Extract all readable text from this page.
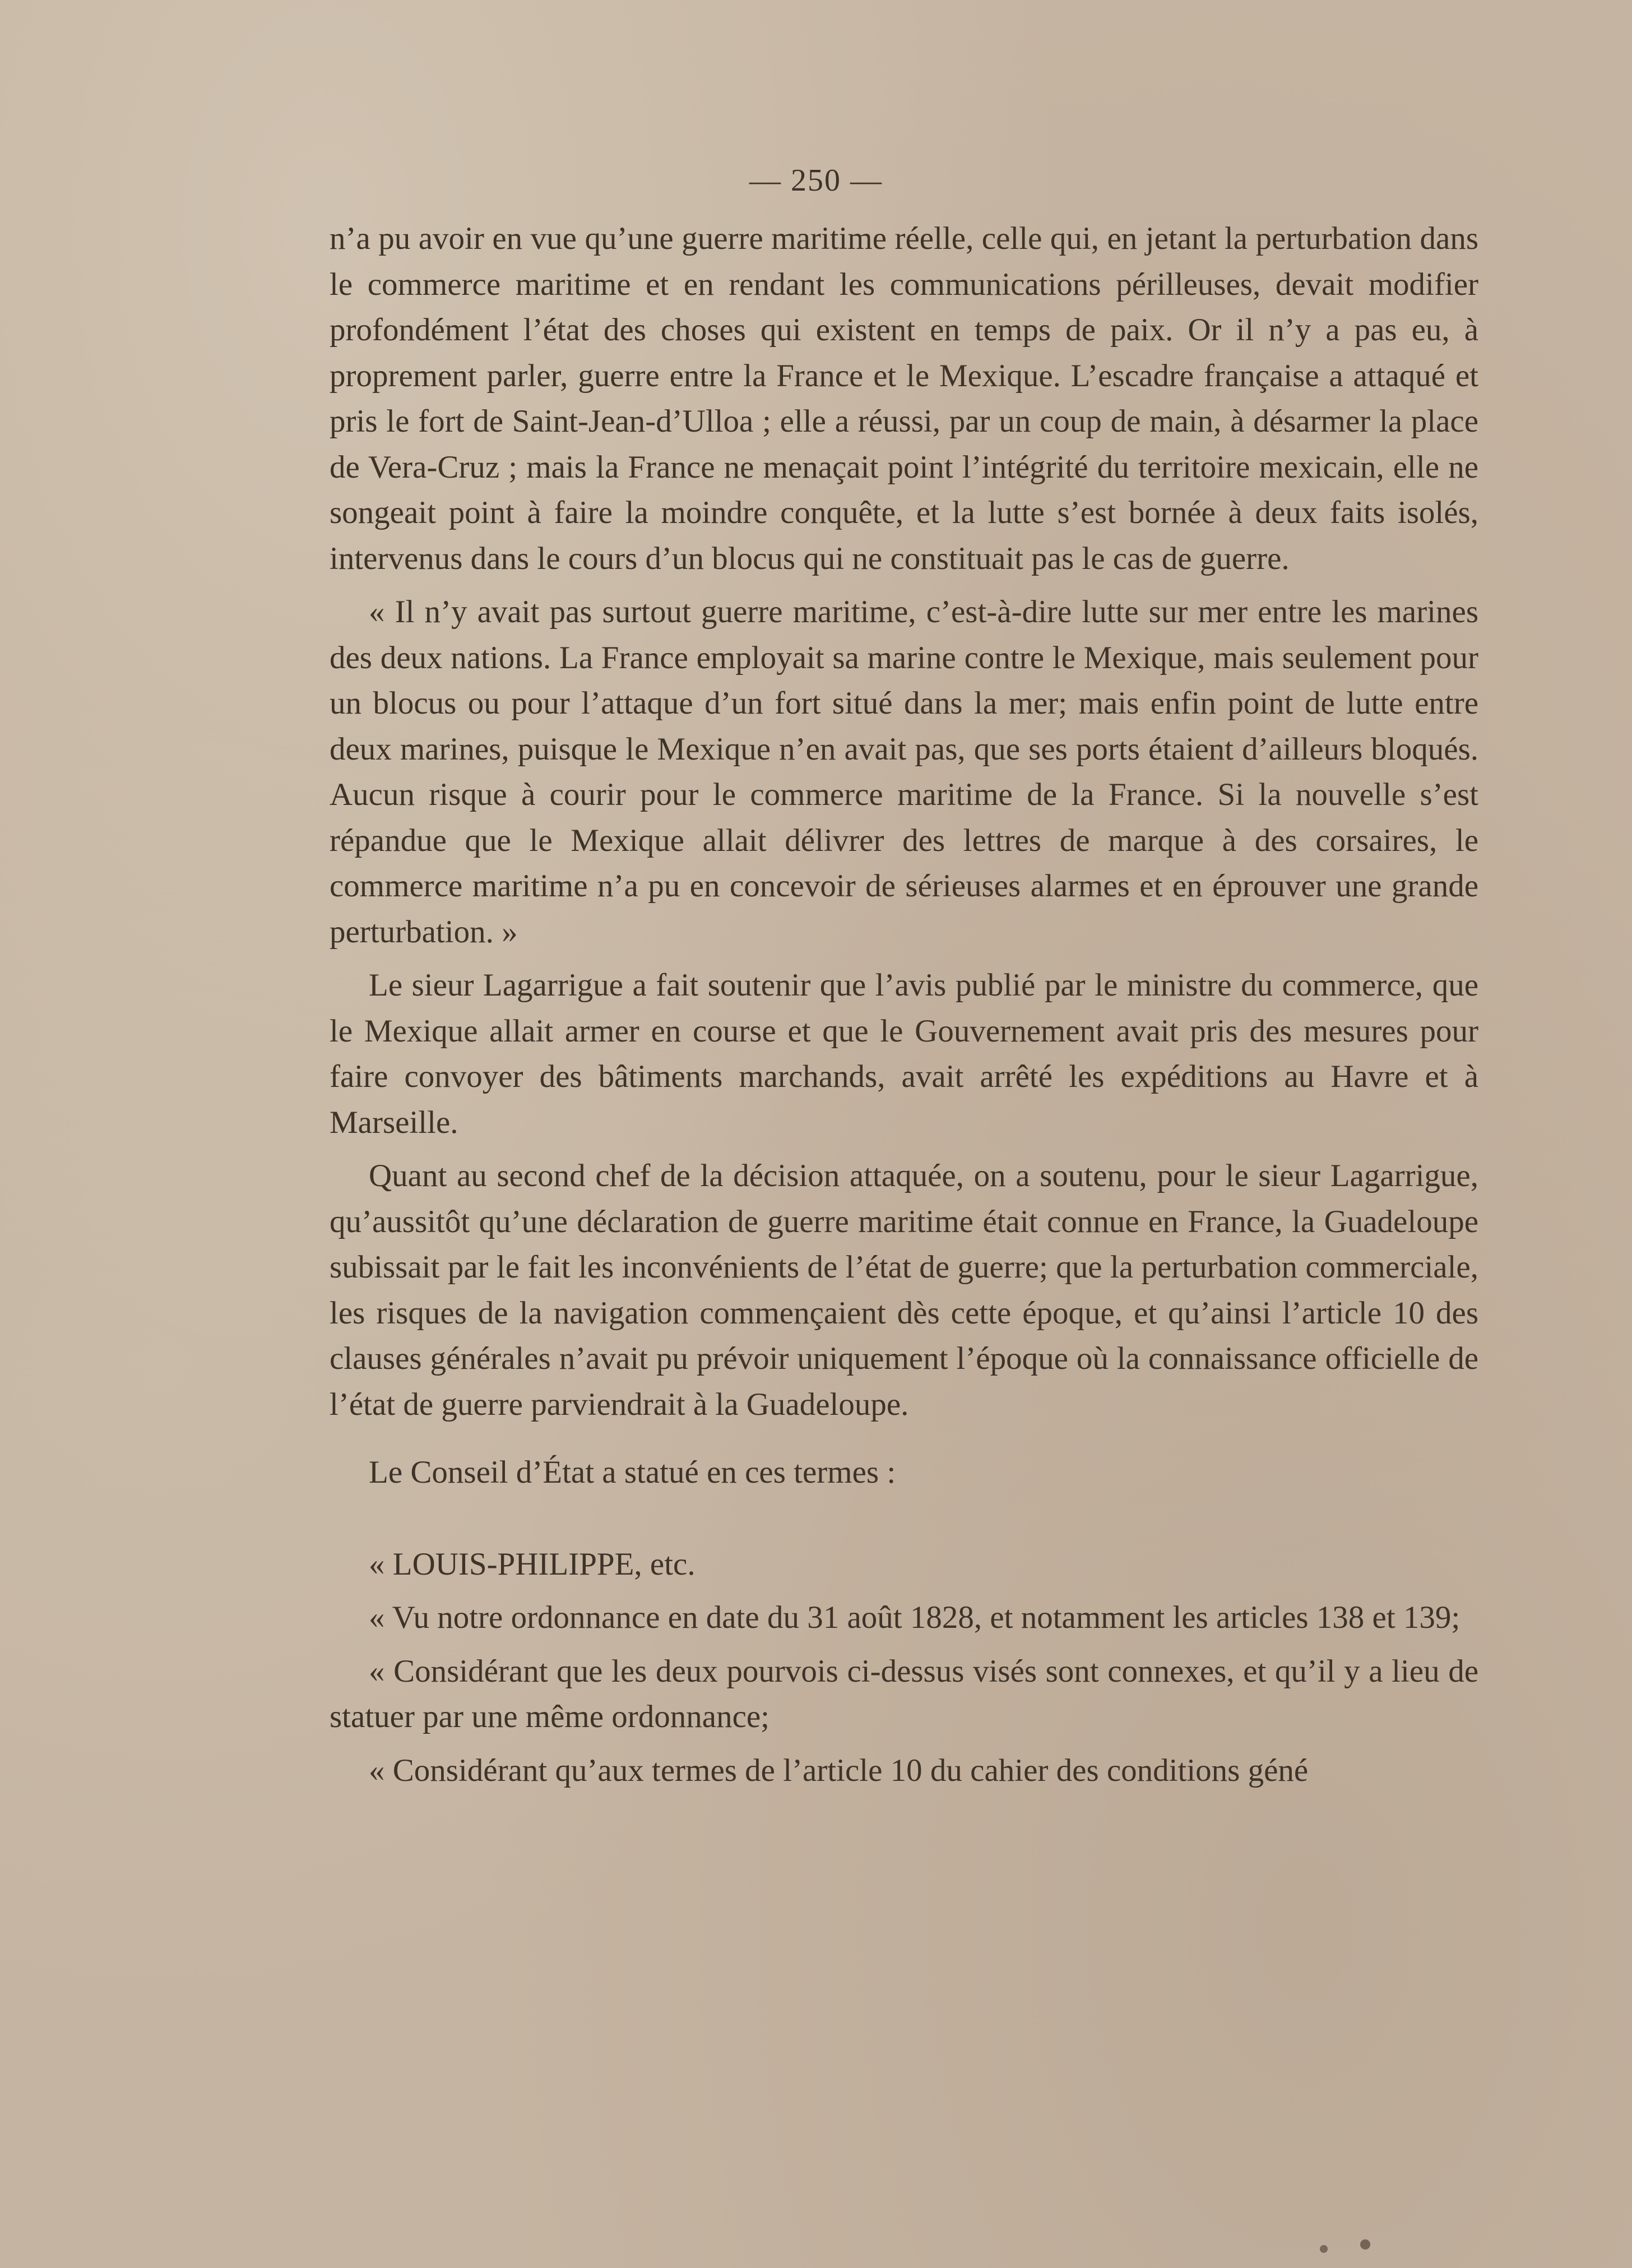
— 250 —

n’a pu avoir en vue qu’une guerre maritime réelle, celle qui, en jetant la perturbation dans le commerce maritime et en rendant les communications périlleuses, devait modifier profondément l’état des choses qui existent en temps de paix. Or il n’y a pas eu, à proprement parler, guerre entre la France et le Mexique. L’escadre française a attaqué et pris le fort de Saint-Jean-d’Ulloa ; elle a réussi, par un coup de main, à désarmer la place de Vera-Cruz ; mais la France ne menaçait point l’intégrité du territoire mexicain, elle ne songeait point à faire la moindre conquête, et la lutte s’est bornée à deux faits isolés, intervenus dans le cours d’un blocus qui ne constituait pas le cas de guerre.

« Il n’y avait pas surtout guerre maritime, c’est-à-dire lutte sur mer entre les marines des deux nations. La France employait sa marine contre le Mexique, mais seulement pour un blocus ou pour l’attaque d’un fort situé dans la mer; mais enfin point de lutte entre deux marines, puisque le Mexique n’en avait pas, que ses ports étaient d’ailleurs bloqués. Aucun risque à courir pour le commerce maritime de la France. Si la nouvelle s’est répandue que le Mexique allait délivrer des lettres de marque à des corsaires, le commerce maritime n’a pu en concevoir de sérieuses alarmes et en éprouver une grande perturbation. »

Le sieur Lagarrigue a fait soutenir que l’avis publié par le ministre du commerce, que le Mexique allait armer en course et que le Gouvernement avait pris des mesures pour faire convoyer des bâtiments marchands, avait arrêté les expéditions au Havre et à Marseille.

Quant au second chef de la décision attaquée, on a soutenu, pour le sieur Lagarrigue, qu’aussitôt qu’une déclaration de guerre maritime était connue en France, la Guadeloupe subissait par le fait les inconvénients de l’état de guerre; que la perturbation commerciale, les risques de la navigation commençaient dès cette époque, et qu’ainsi l’article 10 des clauses générales n’avait pu prévoir uniquement l’époque où la connaissance officielle de l’état de guerre parviendrait à la Guadeloupe.

Le Conseil d’État a statué en ces termes :

« LOUIS-PHILIPPE, etc.

« Vu notre ordonnance en date du 31 août 1828, et notamment les articles 138 et 139;

« Considérant que les deux pourvois ci-dessus visés sont connexes, et qu’il y a lieu de statuer par une même ordonnance;

« Considérant qu’aux termes de l’article 10 du cahier des conditions géné
